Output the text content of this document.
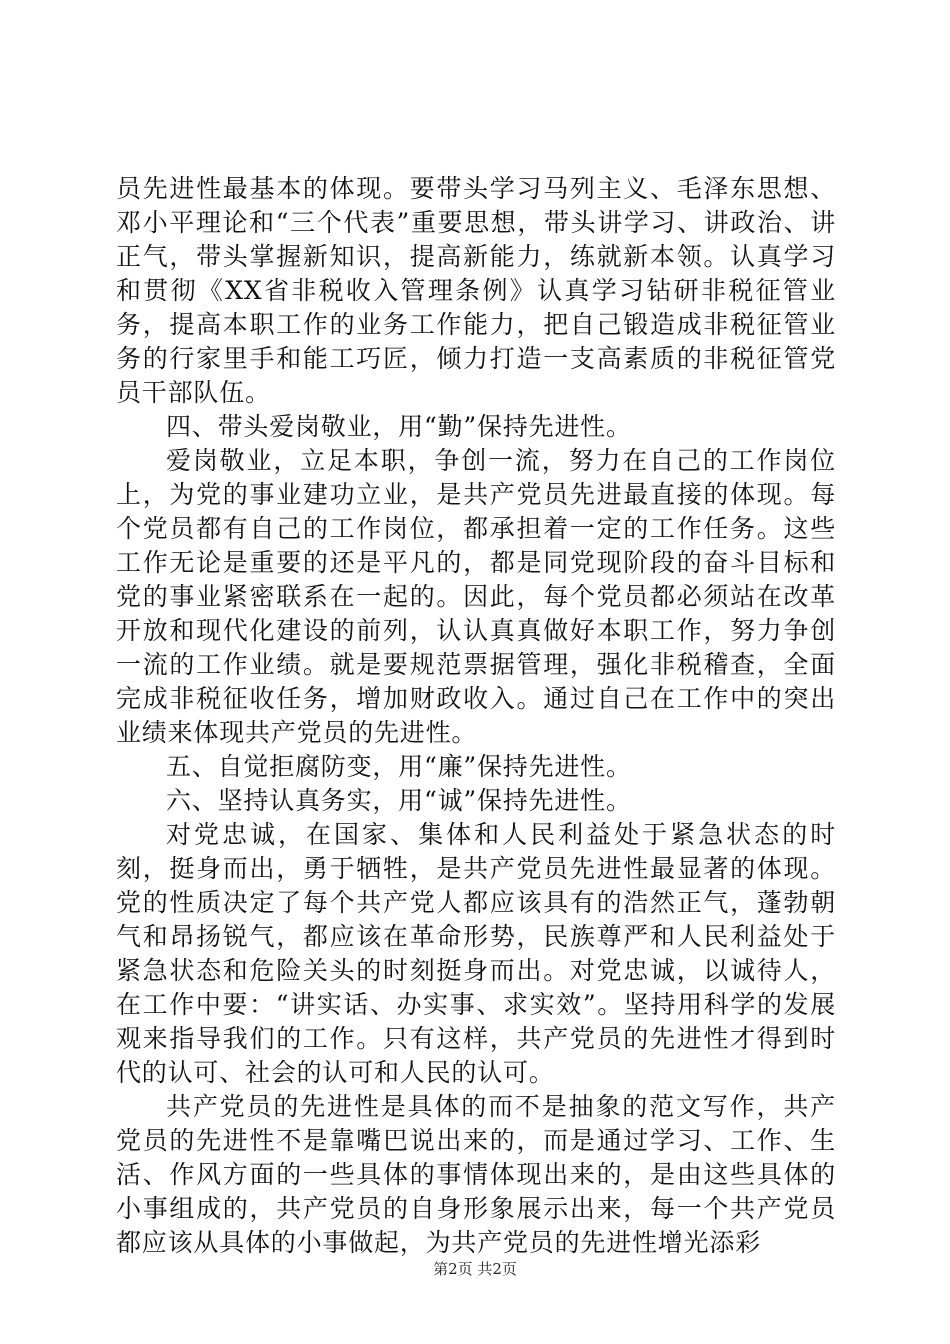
员先进性最基本的体现。要带头学习马列主义、毛泽东思想、邓小平理论和“三个代表”重要思想，带头讲学习、讲政治、讲正气，带头掌握新知识，提高新能力，练就新本领。认真学习和贯彻《XX省非税收入管理条例》认真学习钻研非税征管业务，提高本职工作的业务工作能力，把自己锻造成非税征管业务的行家里手和能工巧匠，倾力打造一支高素质的非税征管党员干部队伍。

四、带头爱岗敬业，用“勤”保持先进性。

爱岗敬业，立足本职，争创一流，努力在自己的工作岗位上，为党的事业建功立业，是共产党员先进最直接的体现。每个党员都有自己的工作岗位，都承担着一定的工作任务。这些工作无论是重要的还是平凡的，都是同党现阶段的奋斗目标和党的事业紧密联系在一起的。因此，每个党员都必须站在改革开放和现代化建设的前列，认认真真做好本职工作，努力争创一流的工作业绩。就是要规范票据管理，强化非税稽查，全面完成非税征收任务，增加财政收入。通过自己在工作中的突出业绩来体现共产党员的先进性。

五、自觉拒腐防变，用“廉”保持先进性。

六、坚持认真务实，用“诚”保持先进性。

对党忠诚，在国家、集体和人民利益处于紧急状态的时刻，挺身而出，勇于牺牲，是共产党员先进性最显著的体现。党的性质决定了每个共产党人都应该具有的浩然正气，蓬勃朝气和昂扬锐气，都应该在革命形势，民族尊严和人民利益处于紧急状态和危险关头的时刻挺身而出。对党忠诚，以诚待人，在工作中要：“讲实话、办实事、求实效”。坚持用科学的发展观来指导我们的工作。只有这样，共产党员的先进性才得到时代的认可、社会的认可和人民的认可。

共产党员的先进性是具体的而不是抽象的范文写作，共产党员的先进性不是靠嘴巴说出来的，而是通过学习、工作、生活、作风方面的一些具体的事情体现出来的，是由这些具体的小事组成的，共产党员的自身形象展示出来，每一个共产党员都应该从具体的小事做起，为共产党员的先进性增光添彩

第2页 共2页
